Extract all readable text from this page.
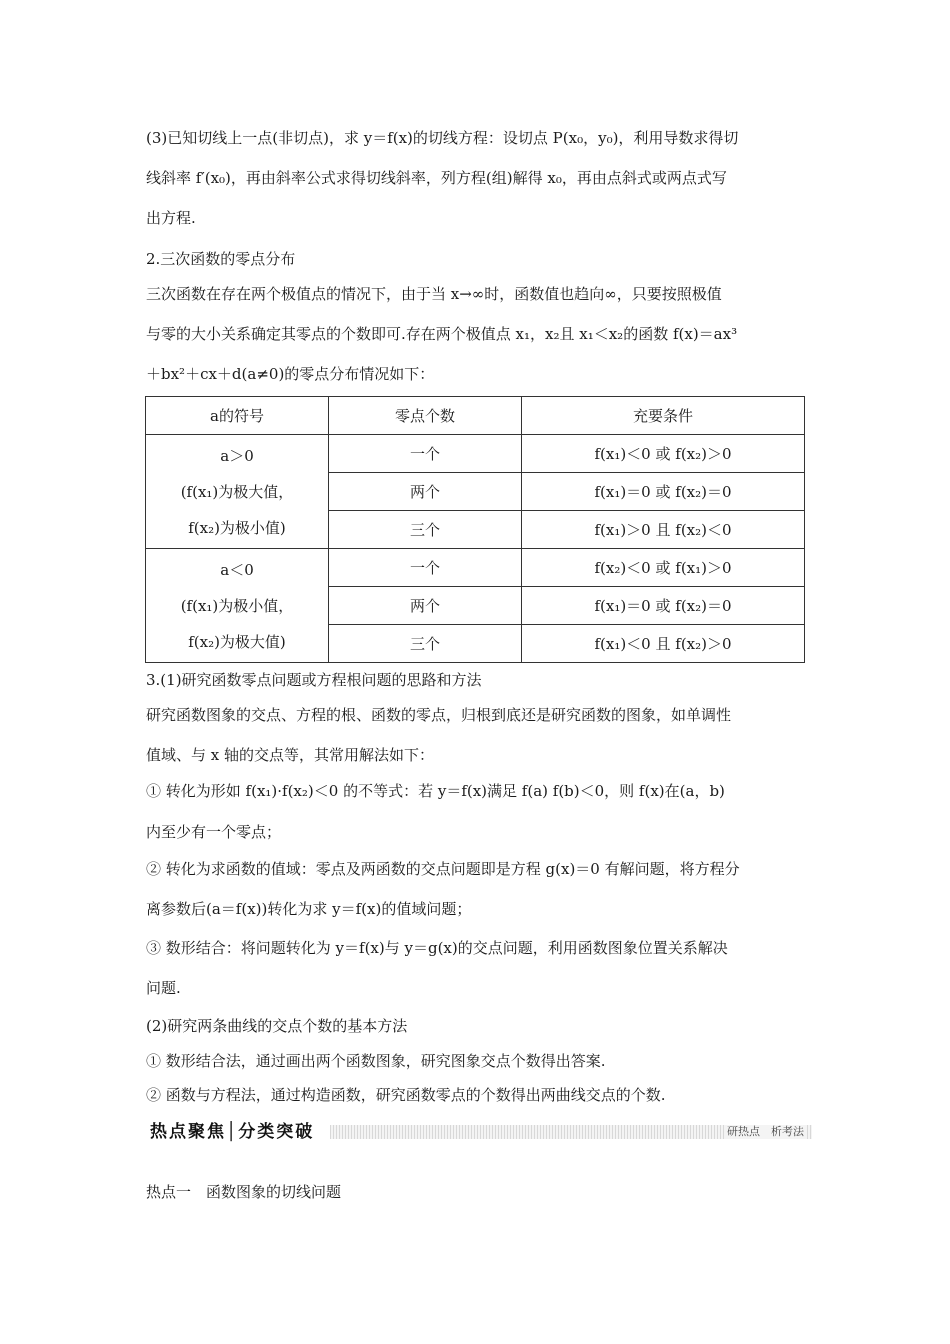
(3)已知切线上一点(非切点)，求 y＝f(x)的切线方程：设切点 P(x₀，y₀)，利用导数求得切
线斜率 f′(x₀)，再由斜率公式求得切线斜率，列方程(组)解得 x₀，再由点斜式或两点式写
出方程.
2.三次函数的零点分布
三次函数在存在两个极值点的情况下，由于当 x→∞时，函数值也趋向∞，只要按照极值
与零的大小关系确定其零点的个数即可.存在两个极值点 x₁，x₂且 x₁＜x₂的函数 f(x)＝ax³
＋bx²＋cx＋d(a≠0)的零点分布情况如下：
a的符号	零点个数	充要条件

a＞0
(f(x₁)为极大值，
f(x₂)为极小值)	一个	f(x₁)＜0 或 f(x₂)＞0
	两个	f(x₁)＝0 或 f(x₂)＝0
	三个	f(x₁)＞0 且 f(x₂)＜0

a＜0
(f(x₁)为极小值，
f(x₂)为极大值)	一个	f(x₂)＜0 或 f(x₁)＞0
	两个	f(x₁)＝0 或 f(x₂)＝0
	三个	f(x₁)＜0 且 f(x₂)＞0
3.(1)研究函数零点问题或方程根问题的思路和方法
研究函数图象的交点、方程的根、函数的零点，归根到底还是研究函数的图象，如单调性
值域、与 x 轴的交点等，其常用解法如下：
① 转化为形如 f(x₁)·f(x₂)＜0 的不等式：若 y＝f(x)满足 f(a) f(b)＜0，则 f(x)在(a，b)
内至少有一个零点；
② 转化为求函数的值域：零点及两函数的交点问题即是方程 g(x)＝0 有解问题，将方程分
离参数后(a＝f(x))转化为求 y＝f(x)的值域问题；
③ 数形结合：将问题转化为 y＝f(x)与 y＝g(x)的交点问题，利用函数图象位置关系解决
问题.
(2)研究两条曲线的交点个数的基本方法
① 数形结合法，通过画出两个函数图象，研究图象交点个数得出答案.
② 函数与方程法，通过构造函数，研究函数零点的个数得出两曲线交点的个数.
热点聚焦│分类突破	研热点　析考法
热点一　函数图象的切线问题
